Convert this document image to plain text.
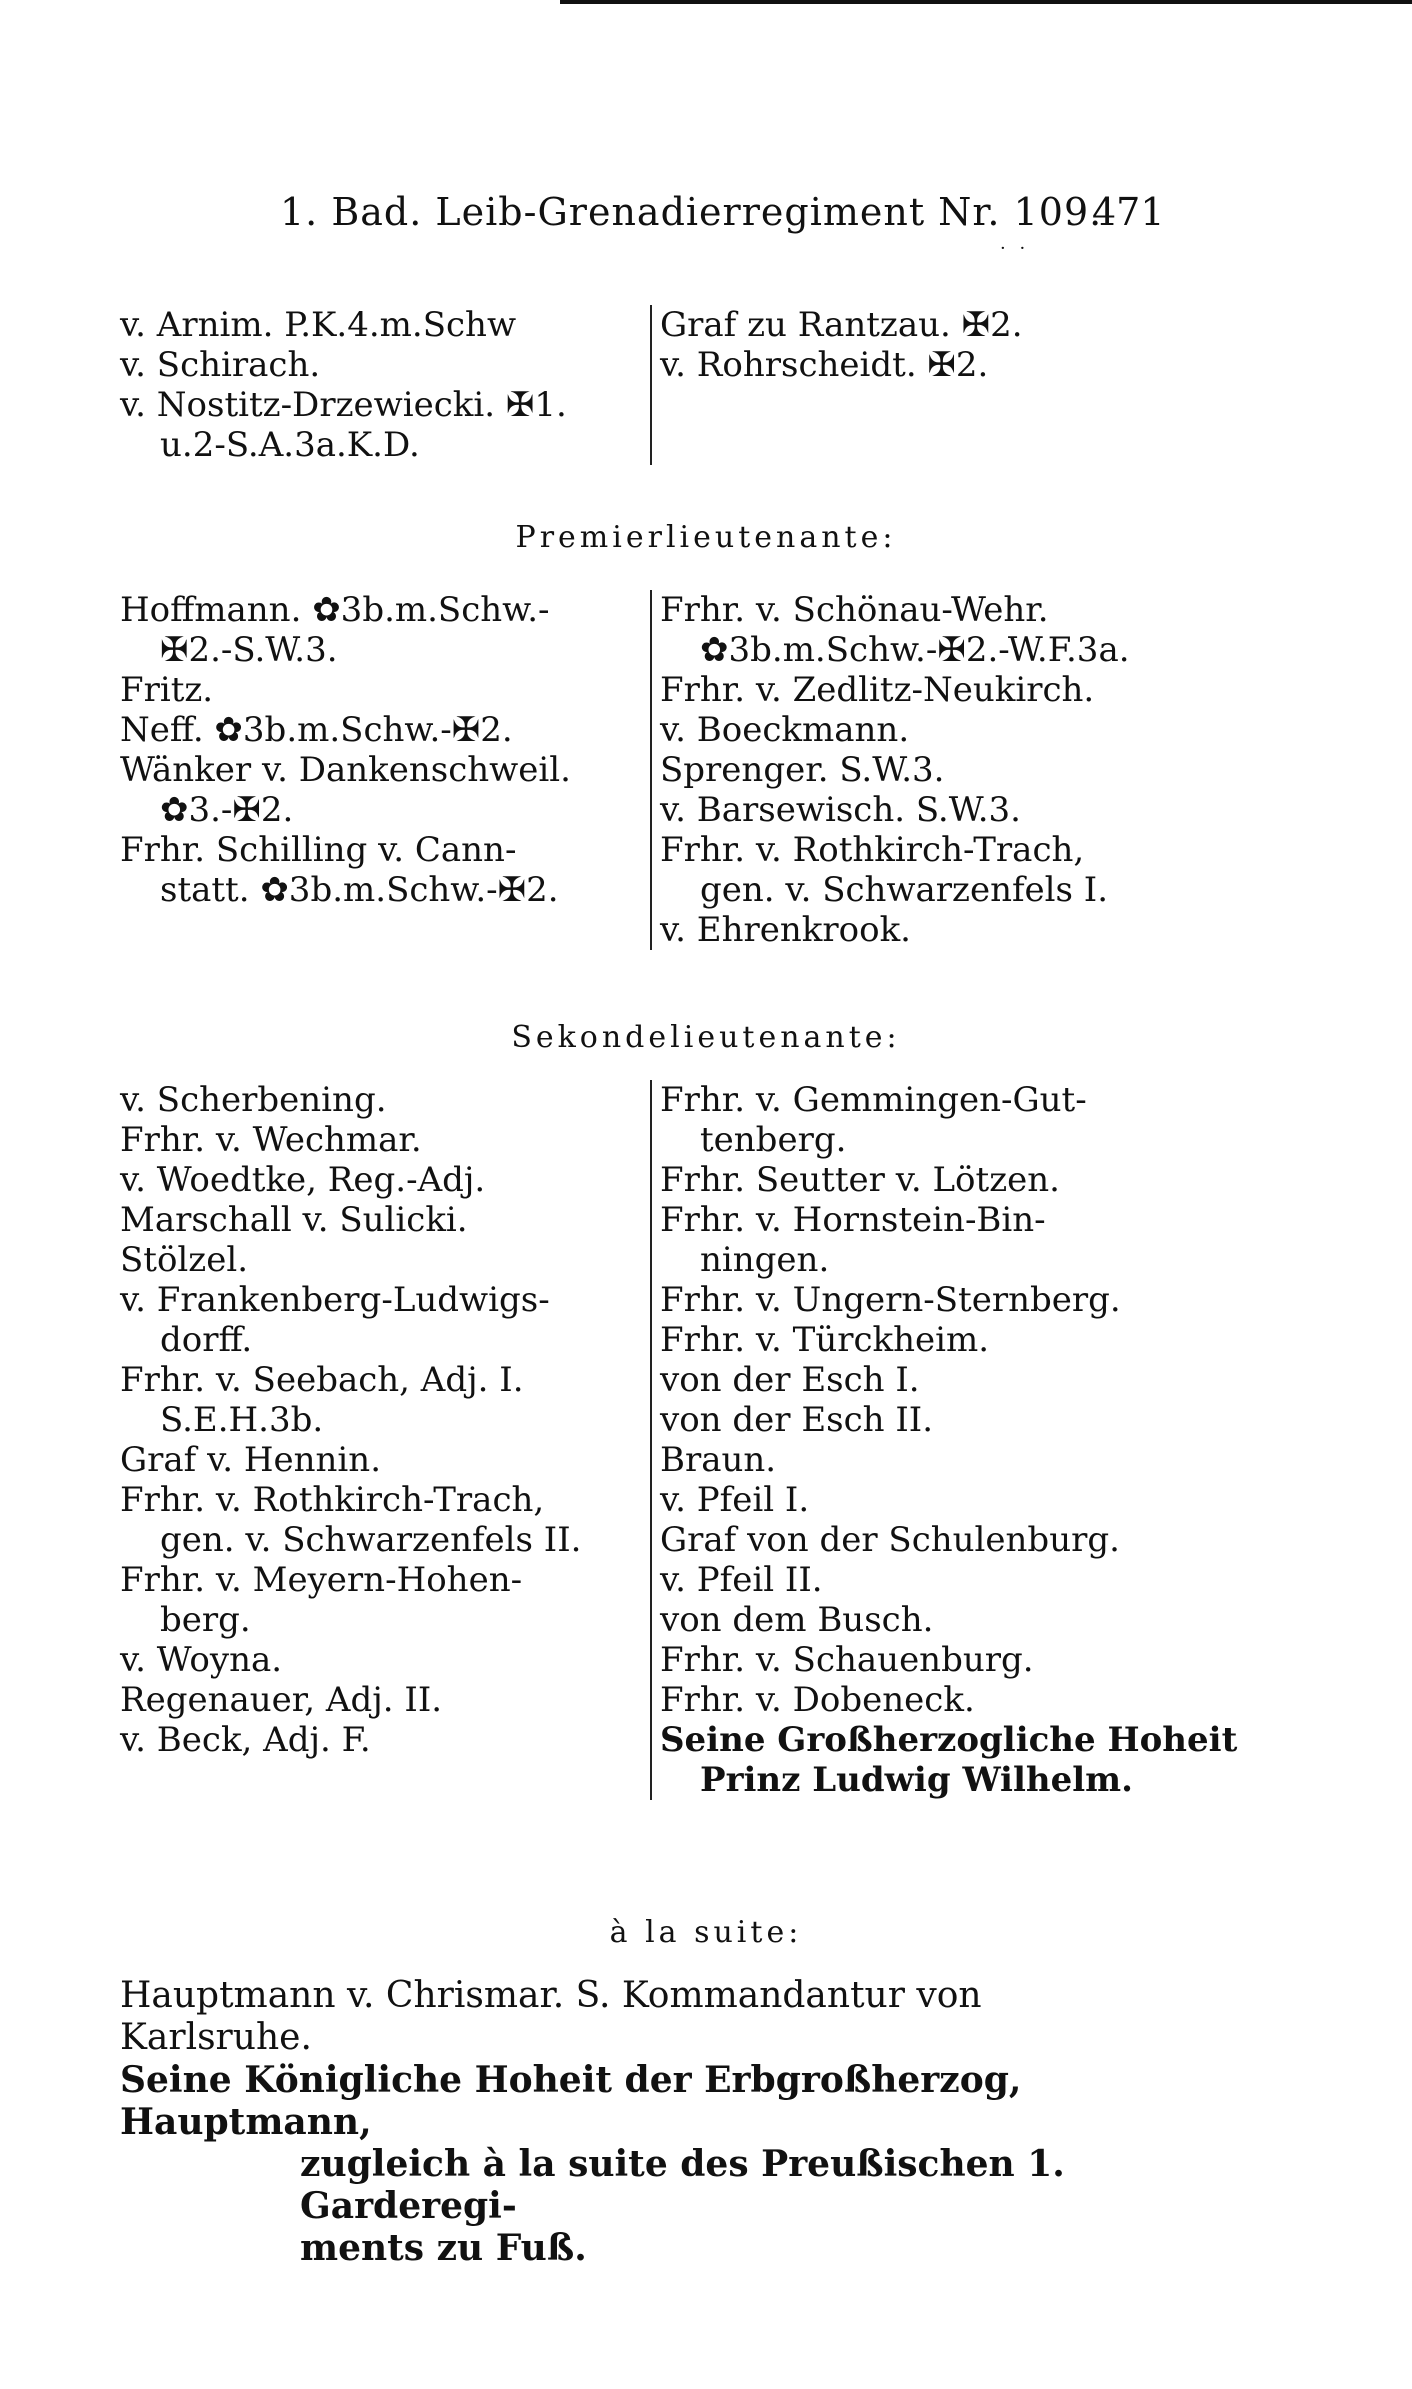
1. Bad. Leib-Grenadierregiment Nr. 109.
471
· ·
v. Arnim. P.K.4.m.Schw
v. Schirach.
v. Nostitz-Drzewiecki. ✠1.
u.2-S.A.3a.K.D.
Graf zu Rantzau. ✠2.
v. Rohrscheidt. ✠2.

Premierlieutenante:
Hoffmann. ✿3b.m.Schw.-
✠2.-S.W.3.
Fritz.
Neff. ✿3b.m.Schw.-✠2.
Wänker v. Dankenschweil.
✿3.-✠2.
Frhr. Schilling v. Cann-
statt. ✿3b.m.Schw.-✠2.
Frhr. v. Schönau-Wehr.
✿3b.m.Schw.-✠2.-W.F.3a.
Frhr. v. Zedlitz-Neukirch.
v. Boeckmann.
Sprenger. S.W.3.
v. Barsewisch. S.W.3.
Frhr. v. Rothkirch-Trach,
gen. v. Schwarzenfels I.
v. Ehrenkrook.
Sekondelieutenante:
v. Scherbening.
Frhr. v. Wechmar.
v. Woedtke, Reg.-Adj.
Marschall v. Sulicki.
Stölzel.
v. Frankenberg-Ludwigs-
dorff.
Frhr. v. Seebach, Adj. I.
S.E.H.3b.
Graf v. Hennin.
Frhr. v. Rothkirch-Trach,
gen. v. Schwarzenfels II.
Frhr. v. Meyern-Hohen-
berg.
v. Woyna.
Regenauer, Adj. II.
v. Beck, Adj. F.
Frhr. v. Gemmingen-Gut-
tenberg.
Frhr. Seutter v. Lötzen.
Frhr. v. Hornstein-Bin-
ningen.
Frhr. v. Ungern-Sternberg.
Frhr. v. Türckheim.
von der Esch I.
von der Esch II.
Braun.
v. Pfeil I.
Graf von der Schulenburg.
v. Pfeil II.
von dem Busch.
Frhr. v. Schauenburg.
Frhr. v. Dobeneck.
Seine Großherzogliche Hoheit
Prinz Ludwig Wilhelm.
à la suite:
Hauptmann v. Chrismar. S. Kommandantur von Karlsruhe.
Seine Königliche Hoheit der Erbgroßherzog, Hauptmann,
zugleich à la suite des Preußischen 1. Garderegi-
ments zu Fuß.
